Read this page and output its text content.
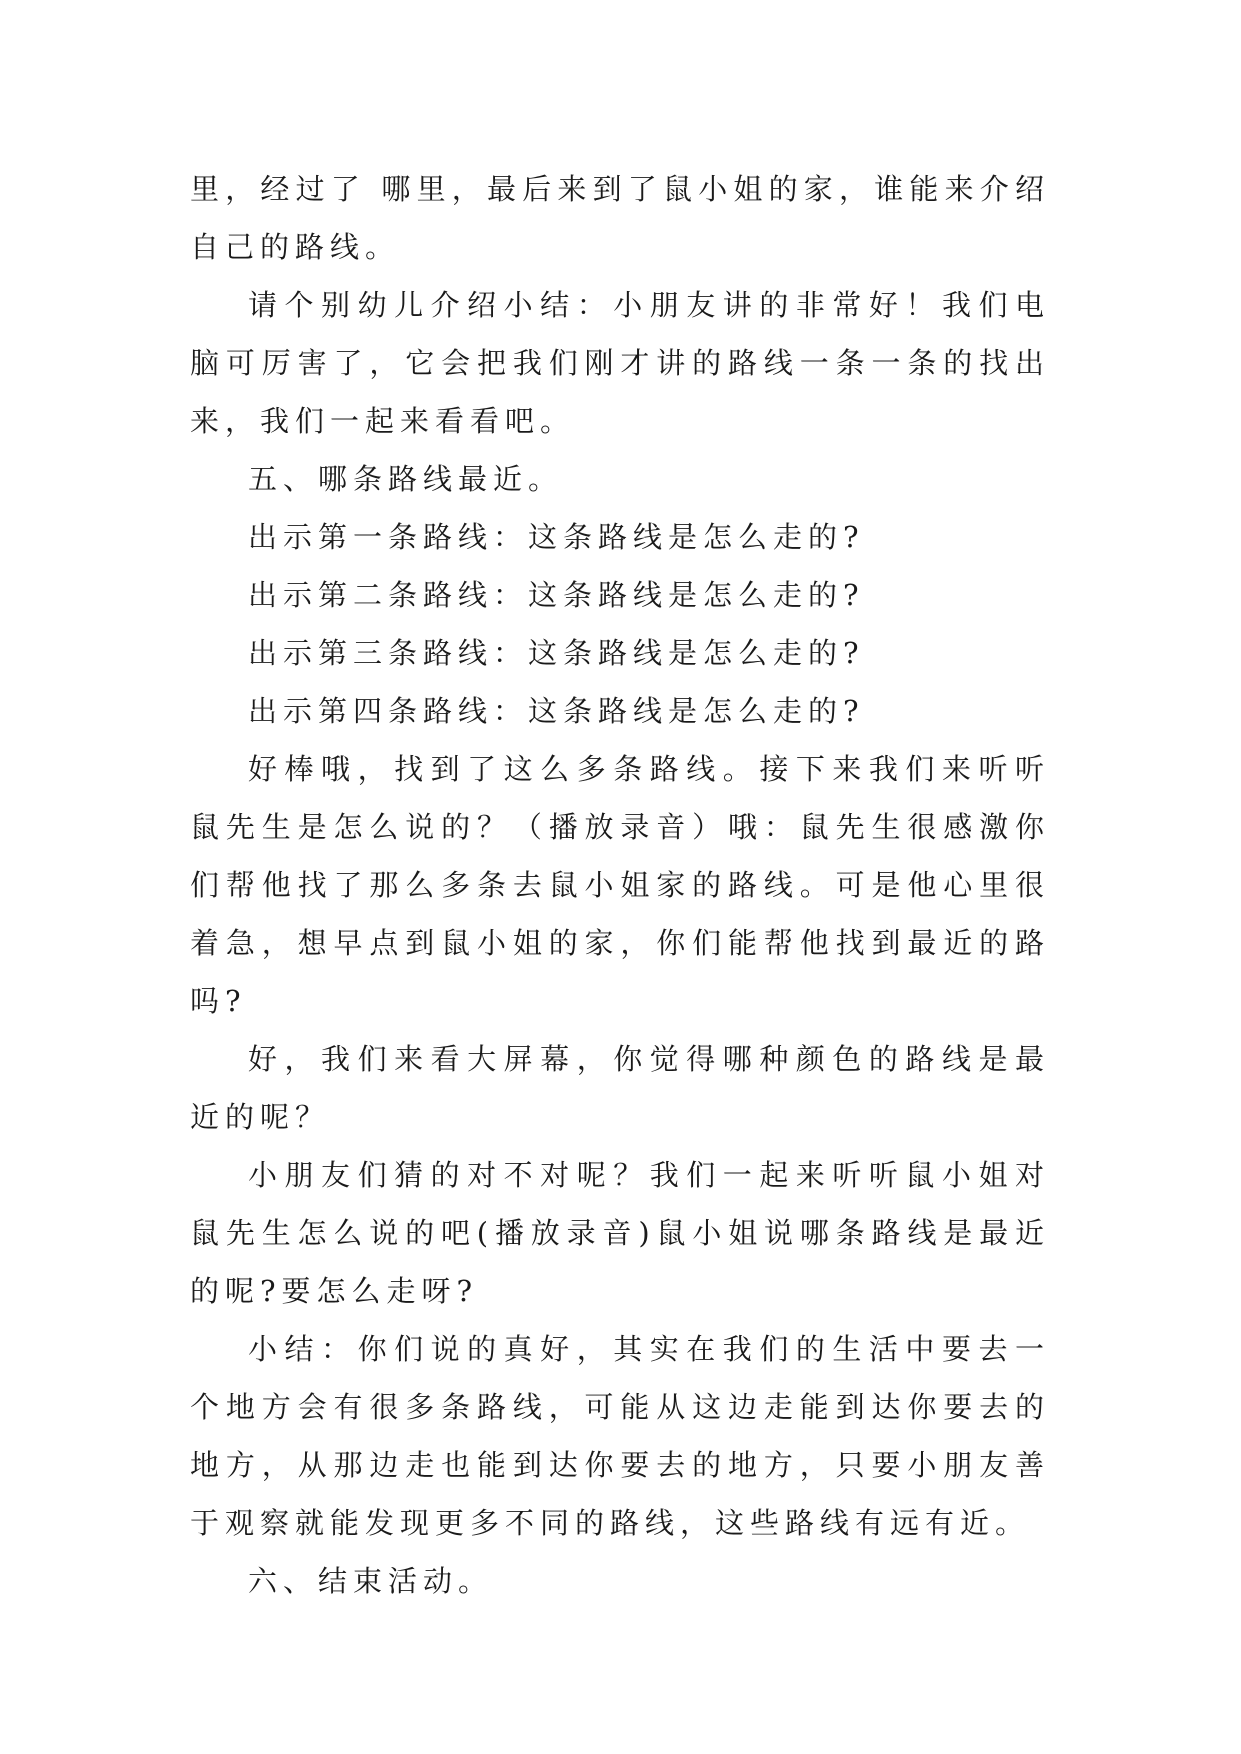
里，经过了 哪里，最后来到了鼠小姐的家，谁能来介绍自己的路线。

请个别幼儿介绍小结：小朋友讲的非常好！我们电脑可厉害了，它会把我们刚才讲的路线一条一条的找出来，我们一起来看看吧。

五、哪条路线最近。

出示第一条路线：这条路线是怎么走的?

出示第二条路线：这条路线是怎么走的?

出示第三条路线：这条路线是怎么走的?

出示第四条路线：这条路线是怎么走的?

好棒哦，找到了这么多条路线。接下来我们来听听鼠先生是怎么说的？（播放录音）哦：鼠先生很感激你们帮他找了那么多条去鼠小姐家的路线。可是他心里很着急，想早点到鼠小姐的家，你们能帮他找到最近的路吗?

好，我们来看大屏幕，你觉得哪种颜色的路线是最近的呢？

小朋友们猜的对不对呢？我们一起来听听鼠小姐对鼠先生怎么说的吧(播放录音)鼠小姐说哪条路线是最近的呢?要怎么走呀?

小结：你们说的真好，其实在我们的生活中要去一个地方会有很多条路线，可能从这边走能到达你要去的地方，从那边走也能到达你要去的地方，只要小朋友善于观察就能发现更多不同的路线，这些路线有远有近。

六、结束活动。
